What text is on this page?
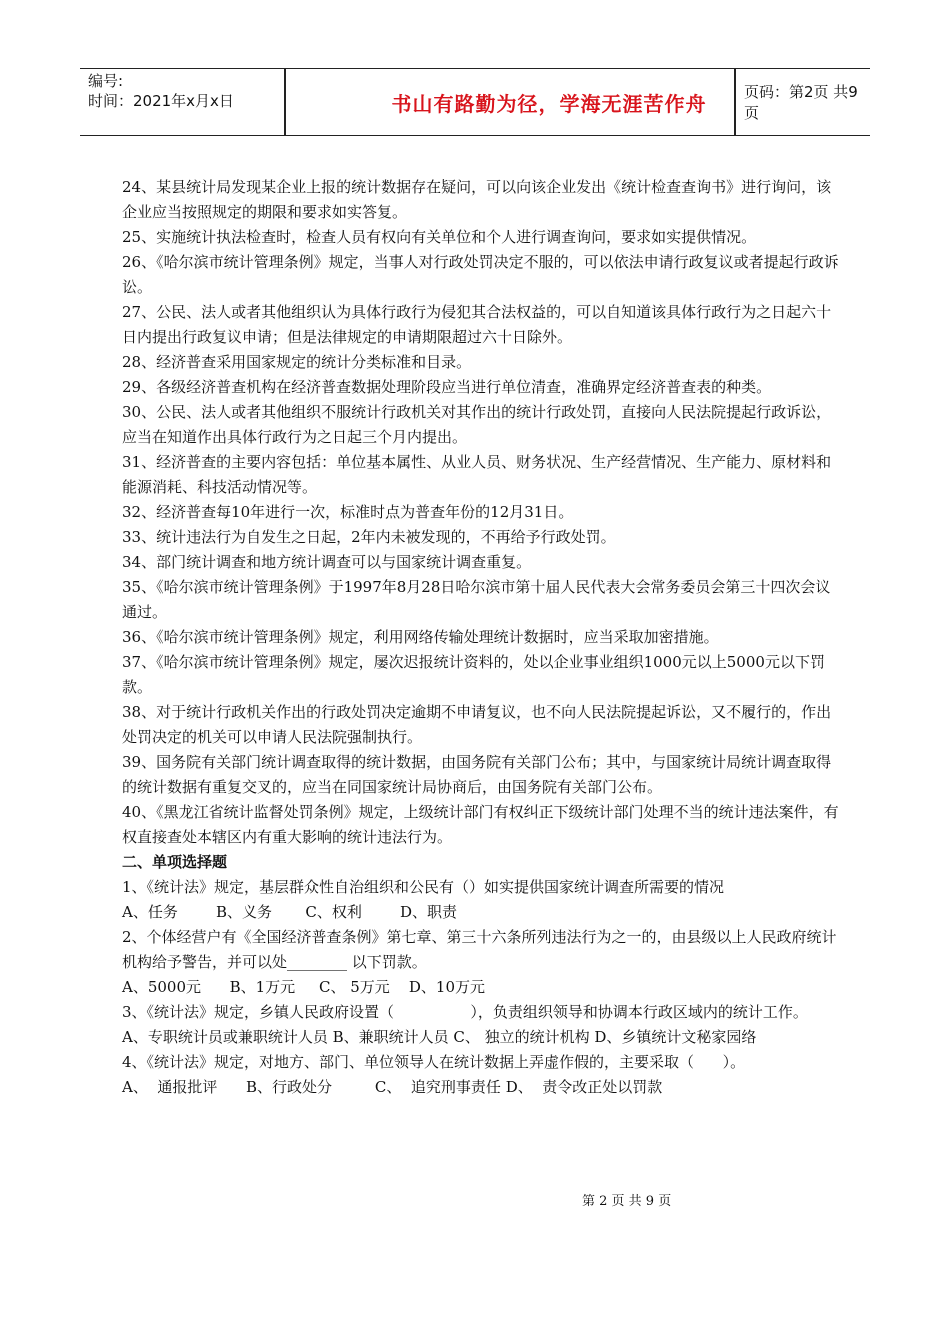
编号:
时间：2021年x月x日	书山有路勤为径，学海无涯苦作舟	页码：第2页 共9页

24、某县统计局发现某企业上报的统计数据存在疑问，可以向该企业发出《统计检查查询书》进行询问，该企业应当按照规定的期限和要求如实答复。

25、实施统计执法检查时，检查人员有权向有关单位和个人进行调查询问，要求如实提供情况。

26、《哈尔滨市统计管理条例》规定，当事人对行政处罚决定不服的，可以依法申请行政复议或者提起行政诉讼。

27、公民、法人或者其他组织认为具体行政行为侵犯其合法权益的，可以自知道该具体行政行为之日起六十日内提出行政复议申请；但是法律规定的申请期限超过六十日除外。

28、经济普查采用国家规定的统计分类标准和目录。

29、各级经济普查机构在经济普查数据处理阶段应当进行单位清查，准确界定经济普查表的种类。

30、公民、法人或者其他组织不服统计行政机关对其作出的统计行政处罚，直接向人民法院提起行政诉讼，应当在知道作出具体行政行为之日起三个月内提出。

31、经济普查的主要内容包括：单位基本属性、从业人员、财务状况、生产经营情况、生产能力、原材料和能源消耗、科技活动情况等。

32、经济普查每10年进行一次，标准时点为普查年份的12月31日。

33、统计违法行为自发生之日起，2年内未被发现的，不再给予行政处罚。

34、部门统计调查和地方统计调查可以与国家统计调查重复。

35、《哈尔滨市统计管理条例》于1997年8月28日哈尔滨市第十届人民代表大会常务委员会第三十四次会议通过。

36、《哈尔滨市统计管理条例》规定，利用网络传输处理统计数据时，应当采取加密措施。

37、《哈尔滨市统计管理条例》规定，屡次迟报统计资料的，处以企业事业组织1000元以上5000元以下罚款。

38、对于统计行政机关作出的行政处罚决定逾期不申请复议，也不向人民法院提起诉讼，又不履行的，作出处罚决定的机关可以申请人民法院强制执行。

39、国务院有关部门统计调查取得的统计数据，由国务院有关部门公布；其中，与国家统计局统计调查取得的统计数据有重复交叉的，应当在同国家统计局协商后，由国务院有关部门公布。

40、《黑龙江省统计监督处罚条例》规定，上级统计部门有权纠正下级统计部门处理不当的统计违法案件，有权直接查处本辖区内有重大影响的统计违法行为。

二、单项选择题

1、《统计法》规定，基层群众性自治组织和公民有（）如实提供国家统计调查所需要的情况

A、任务        B、义务       C、权利        D、职责

2、个体经营户有《全国经济普查条例》第七章、第三十六条所列违法行为之一的，由县级以上人民政府统计机构给予警告，并可以处________ 以下罚款。

A、5000元      B、1万元     C、 5万元    D、10万元

3、《统计法》规定，乡镇人民政府设置（                ），负责组织领导和协调本行政区域内的统计工作。

A、专职统计员或兼职统计人员 B、兼职统计人员 C、 独立的统计机构 D、乡镇统计文秘家园络

4、《统计法》规定，对地方、部门、单位领导人在统计数据上弄虚作假的，主要采取（      ）。

A、  通报批评      B、行政处分         C、  追究刑事责任 D、  责令改正处以罚款

第 2 页 共 9 页
